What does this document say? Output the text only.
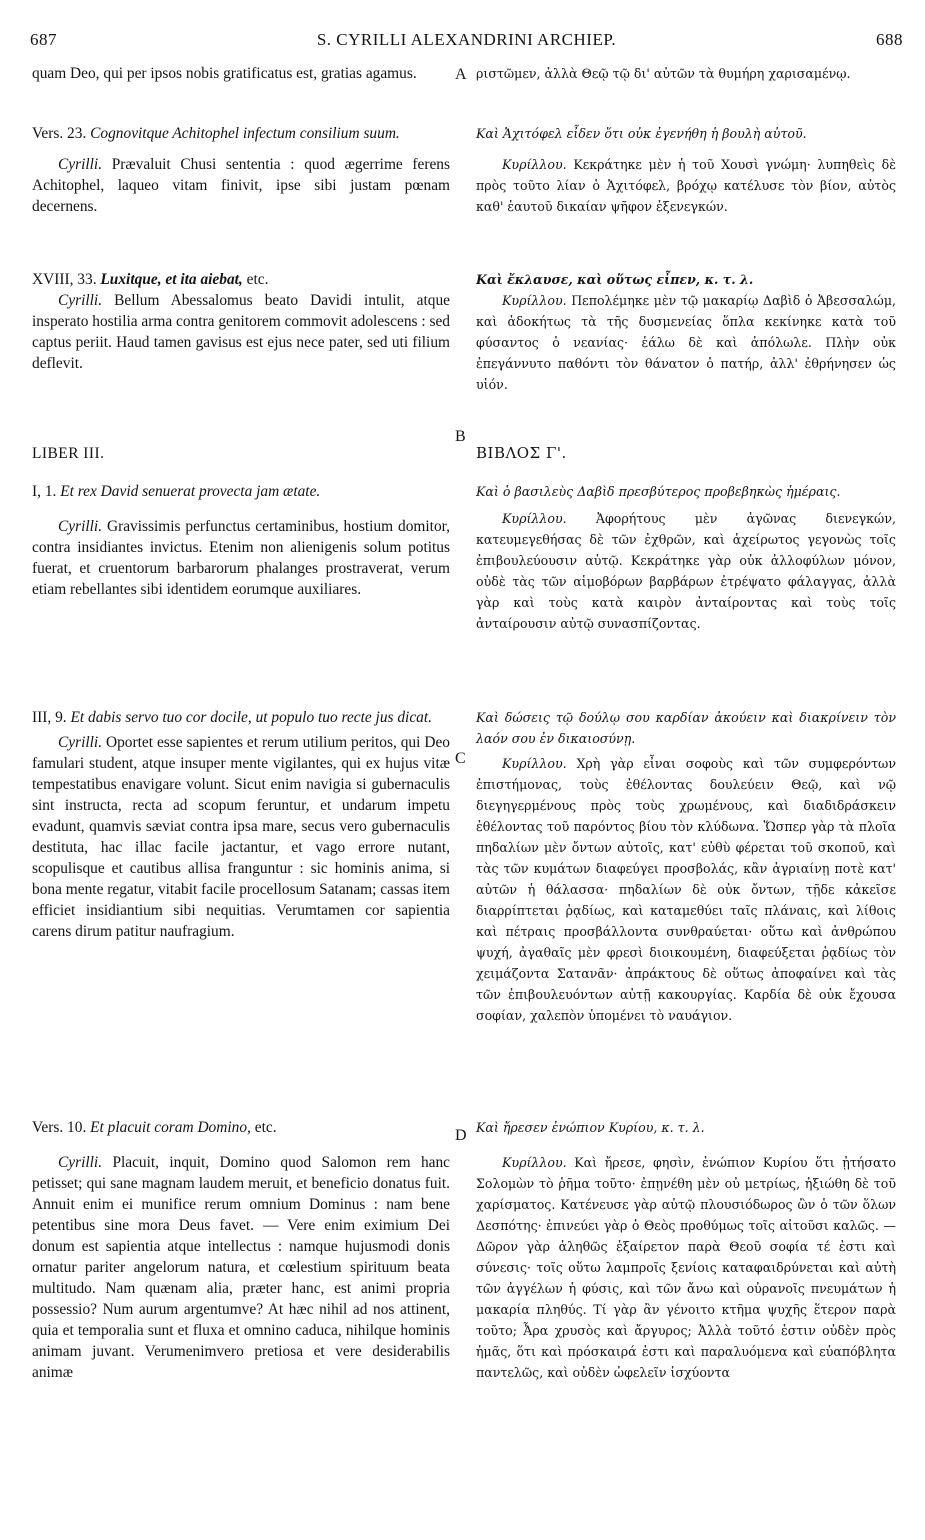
687	S. CYRILLI ALEXANDRINI ARCHIEP.	688
A
B
C
D

quam Deo, qui per ipsos nobis gratificatus est, gratias agamus.

Vers. 23. Cognovitque Achitophel infectum consilium suum.

Cyrilli. Prævaluit Chusi sententia : quod ægerrime ferens Achitophel, laqueo vitam finivit, ipse sibi justam pœnam decernens.

XVIII, 33. Luxitque, et ita aiebat, etc.

Cyrilli. Bellum Abessalomus beato Davidi intulit, atque insperato hostilia arma contra genitorem commovit adolescens : sed captus periit. Haud tamen gavisus est ejus nece pater, sed uti filium deflevit.

LIBER III.

I, 1. Et rex David senuerat provecta jam ætate.

Cyrilli. Gravissimis perfunctus certaminibus, hostium domitor, contra insidiantes invictus. Etenim non alienigenis solum potitus fuerat, et cruentorum barbarorum phalanges prostraverat, verum etiam rebellantes sibi identidem eorumque auxiliares.

III, 9. Et dabis servo tuo cor docile, ut populo tuo recte jus dicat.

Cyrilli. Oportet esse sapientes et rerum utilium peritos, qui Deo famulari student, atque insuper mente vigilantes, qui ex hujus vitæ tempestatibus enavigare volunt. Sicut enim navigia si gubernaculis sint instructa, recta ad scopum feruntur, et undarum impetu evadunt, quamvis sæviat contra ipsa mare, secus vero gubernaculis destituta, hac illac facile jactantur, et vago errore nutant, scopulisque et cautibus allisa franguntur : sic hominis anima, si bona mente regatur, vitabit facile procellosum Satanam; cassas item efficiet insidiantium sibi nequitias. Verumtamen cor sapientia carens dirum patitur naufragium.

Vers. 10. Et placuit coram Domino, etc.

Cyrilli. Placuit, inquit, Domino quod Salomon rem hanc petisset; qui sane magnam laudem meruit, et beneficio donatus fuit. Annuit enim ei munifice rerum omnium Dominus : nam bene petentibus sine mora Deus favet. — Vere enim eximium Dei donum est sapientia atque intellectus : namque hujusmodi donis ornatur pariter angelorum natura, et cœlestium spirituum beata multitudo. Nam quænam alia, præter hanc, est animi propria possessio? Num aurum argentumve? At hæc nihil ad nos attinent, quia et temporalia sunt et fluxa et omnino caduca, nihilque hominis animam juvant. Verumenimvero pretiosa et vere desiderabilis animæ

ριστῶμεν, ἀλλὰ Θεῷ τῷ δι' αὐτῶν τὰ θυμήρη χαρισαμένῳ.

Καὶ Ἀχιτόφελ εἶδεν ὅτι οὐκ ἐγενήθη ἡ βουλὴ αὐτοῦ.

Κυρίλλου. Κεκράτηκε μὲν ἡ τοῦ Χουσὶ γνώμη· λυπηθεὶς δὲ πρὸς τοῦτο λίαν ὁ Ἀχιτόφελ, βρόχῳ κατέλυσε τὸν βίον, αὐτὸς καθ' ἑαυτοῦ δικαίαν ψῆφον ἐξενεγκών.

Καὶ ἔκλαυσε, καὶ οὕτως εἶπεν, κ. τ. λ.

Κυρίλλου. Πεπολέμηκε μὲν τῷ μακαρίῳ Δαβὶδ ὁ Ἀβεσσαλώμ, καὶ ἀδοκήτως τὰ τῆς δυσμενείας ὅπλα κεκίνηκε κατὰ τοῦ φύσαντος ὁ νεανίας· ἑάλω δὲ καὶ ἀπόλωλε. Πλὴν οὐκ ἐπεγάννυτο παθόντι τὸν θάνατον ὁ πατήρ, ἀλλ' ἐθρήνησεν ὡς υἱόν.

ΒΙΒΛΟΣ Γ'.

Καὶ ὁ βασιλεὺς Δαβὶδ πρεσβύτερος προβεβηκὼς ἡμέραις.

Κυρίλλου. Ἀφορήτους μὲν ἀγῶνας διενεγκών, κατευμεγεθήσας δὲ τῶν ἐχθρῶν, καὶ ἀχείρωτος γεγονὼς τοῖς ἐπιβουλεύουσιν αὐτῷ. Κεκράτηκε γὰρ οὐκ ἀλλοφύλων μόνον, οὐδὲ τὰς τῶν αἱμοβόρων βαρβάρων ἐτρέψατο φάλαγγας, ἀλλὰ γὰρ καὶ τοὺς κατὰ καιρὸν ἀνταίροντας καὶ τοὺς τοῖς ἀνταίρουσιν αὐτῷ συνασπίζοντας.

Καὶ δώσεις τῷ δούλῳ σου καρδίαν ἀκούειν καὶ διακρίνειν τὸν λαόν σου ἐν δικαιοσύνῃ.

Κυρίλλου. Χρὴ γὰρ εἶναι σοφοὺς καὶ τῶν συμφερόντων ἐπιστήμονας, τοὺς ἐθέλοντας δουλεύειν Θεῷ, καὶ νῷ διεγηγερμένους πρὸς τοὺς χρωμένους, καὶ διαδιδράσκειν ἐθέλοντας τοῦ παρόντος βίου τὸν κλύδωνα. Ὥσπερ γὰρ τὰ πλοῖα πηδαλίων μὲν ὄντων αὐτοῖς, κατ' εὐθὺ φέρεται τοῦ σκοποῦ, καὶ τὰς τῶν κυμάτων διαφεύγει προσβολάς, κἂν ἀγριαίνῃ ποτὲ κατ' αὐτῶν ἡ θάλασσα· πηδαλίων δὲ οὐκ ὄντων, τῇδε κἀκεῖσε διαρρίπτεται ῥᾳδίως, καὶ καταμεθύει ταῖς πλάναις, καὶ λίθοις καὶ πέτραις προσβάλλοντα συνθραύεται· οὕτω καὶ ἀνθρώπου ψυχή, ἀγαθαῖς μὲν φρεσὶ διοικουμένη, διαφεύξεται ῥᾳδίως τὸν χειμάζοντα Σατανᾶν· ἀπράκτους δὲ οὕτως ἀποφαίνει καὶ τὰς τῶν ἐπιβουλευόντων αὐτῇ κακουργίας. Καρδία δὲ οὐκ ἔχουσα σοφίαν, χαλεπὸν ὑπομένει τὸ ναυάγιον.

Καὶ ἤρεσεν ἐνώπιον Κυρίου, κ. τ. λ.

Κυρίλλου. Καὶ ἤρεσε, φησὶν, ἐνώπιον Κυρίου ὅτι ᾐτήσατο Σολομὼν τὸ ῥῆμα τοῦτο· ἐπῃνέθη μὲν οὐ μετρίως, ἠξιώθη δὲ τοῦ χαρίσματος. Κατένευσε γὰρ αὐτῷ πλουσιόδωρος ὢν ὁ τῶν ὅλων Δεσπότης· ἐπινεύει γὰρ ὁ Θεὸς προθύμως τοῖς αἰτοῦσι καλῶς. — Δῶρον γὰρ ἀληθῶς ἐξαίρετον παρὰ Θεοῦ σοφία τέ ἐστι καὶ σύνεσις· τοῖς οὕτω λαμπροῖς ξενίοις καταφαιδρύνεται καὶ αὐτὴ τῶν ἀγγέλων ἡ φύσις, καὶ τῶν ἄνω καὶ οὐρανοῖς πνευμάτων ἡ μακαρία πληθύς. Τί γὰρ ἂν γένοιτο κτῆμα ψυχῆς ἕτερον παρὰ τοῦτο; Ἆρα χρυσὸς καὶ ἄργυρος; Ἀλλὰ τοῦτό ἐστιν οὐδὲν πρὸς ἡμᾶς, ὅτι καὶ πρόσκαιρά ἐστι καὶ παραλυόμενα καὶ εὐαπόβλητα παντελῶς, καὶ οὐδὲν ὠφελεῖν ἰσχύοντα
